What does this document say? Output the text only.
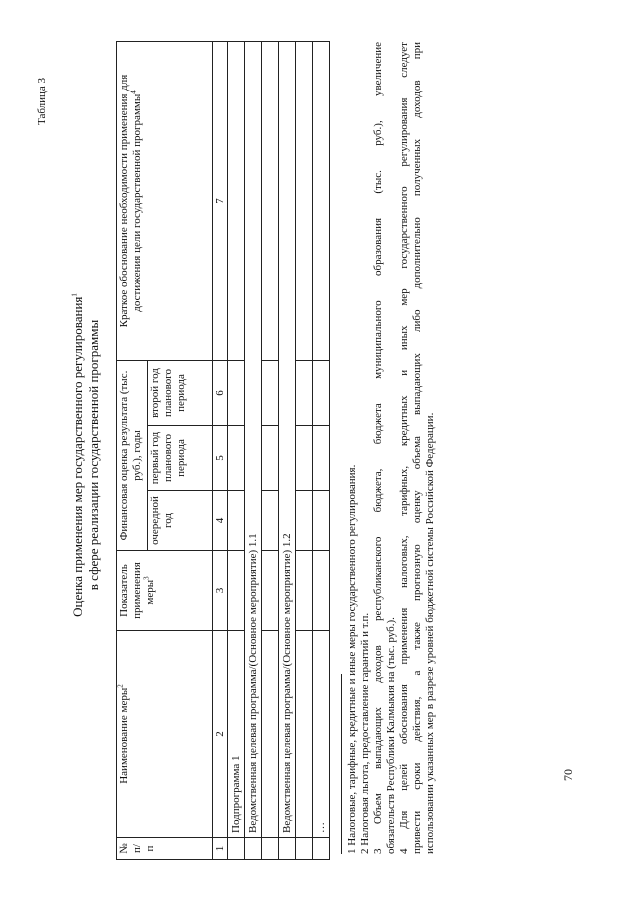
70
Таблица 3
Оценка применения мер государственного регулирования$^1$
в сфере реализации государственной программы
№ п/п	Наименование меры$^2$	Показатель применения меры$^3$	Финансовая оценка результата (тыс. руб.), годы			Краткое обоснование необходимости применения для достижения цели государственной программы$^4$
			очередной год	первый год планового периода	второй год планового периода	
1	2	3	4	5	6	7
	Подпрограмма 1					
	Ведомственная целевая программа/(Основное мероприятие) 1.1					

	Ведомственная целевая программа/(Основное мероприятие) 1.2					

	…					1 Налоговые, тарифные, кредитные и иные меры государственного регулирования. 2 Налоговая льгота, предоставление гарантий и т.п. 3 Объем выпадающих доходов республиканского бюджета, бюджета муниципального образования (тыс. руб.), увеличение обязательств Республики Калмыкия на (тыс. руб.). 4 Для целей обоснования применения налоговых, тарифных, кредитных и иных мер государственного регулирования следует привести сроки действия, а также прогнозную оценку объема выпадающих либо дополнительно полученных доходов при использовании указанных мер в разрезе уровней бюджетной системы Российской Федерации.
